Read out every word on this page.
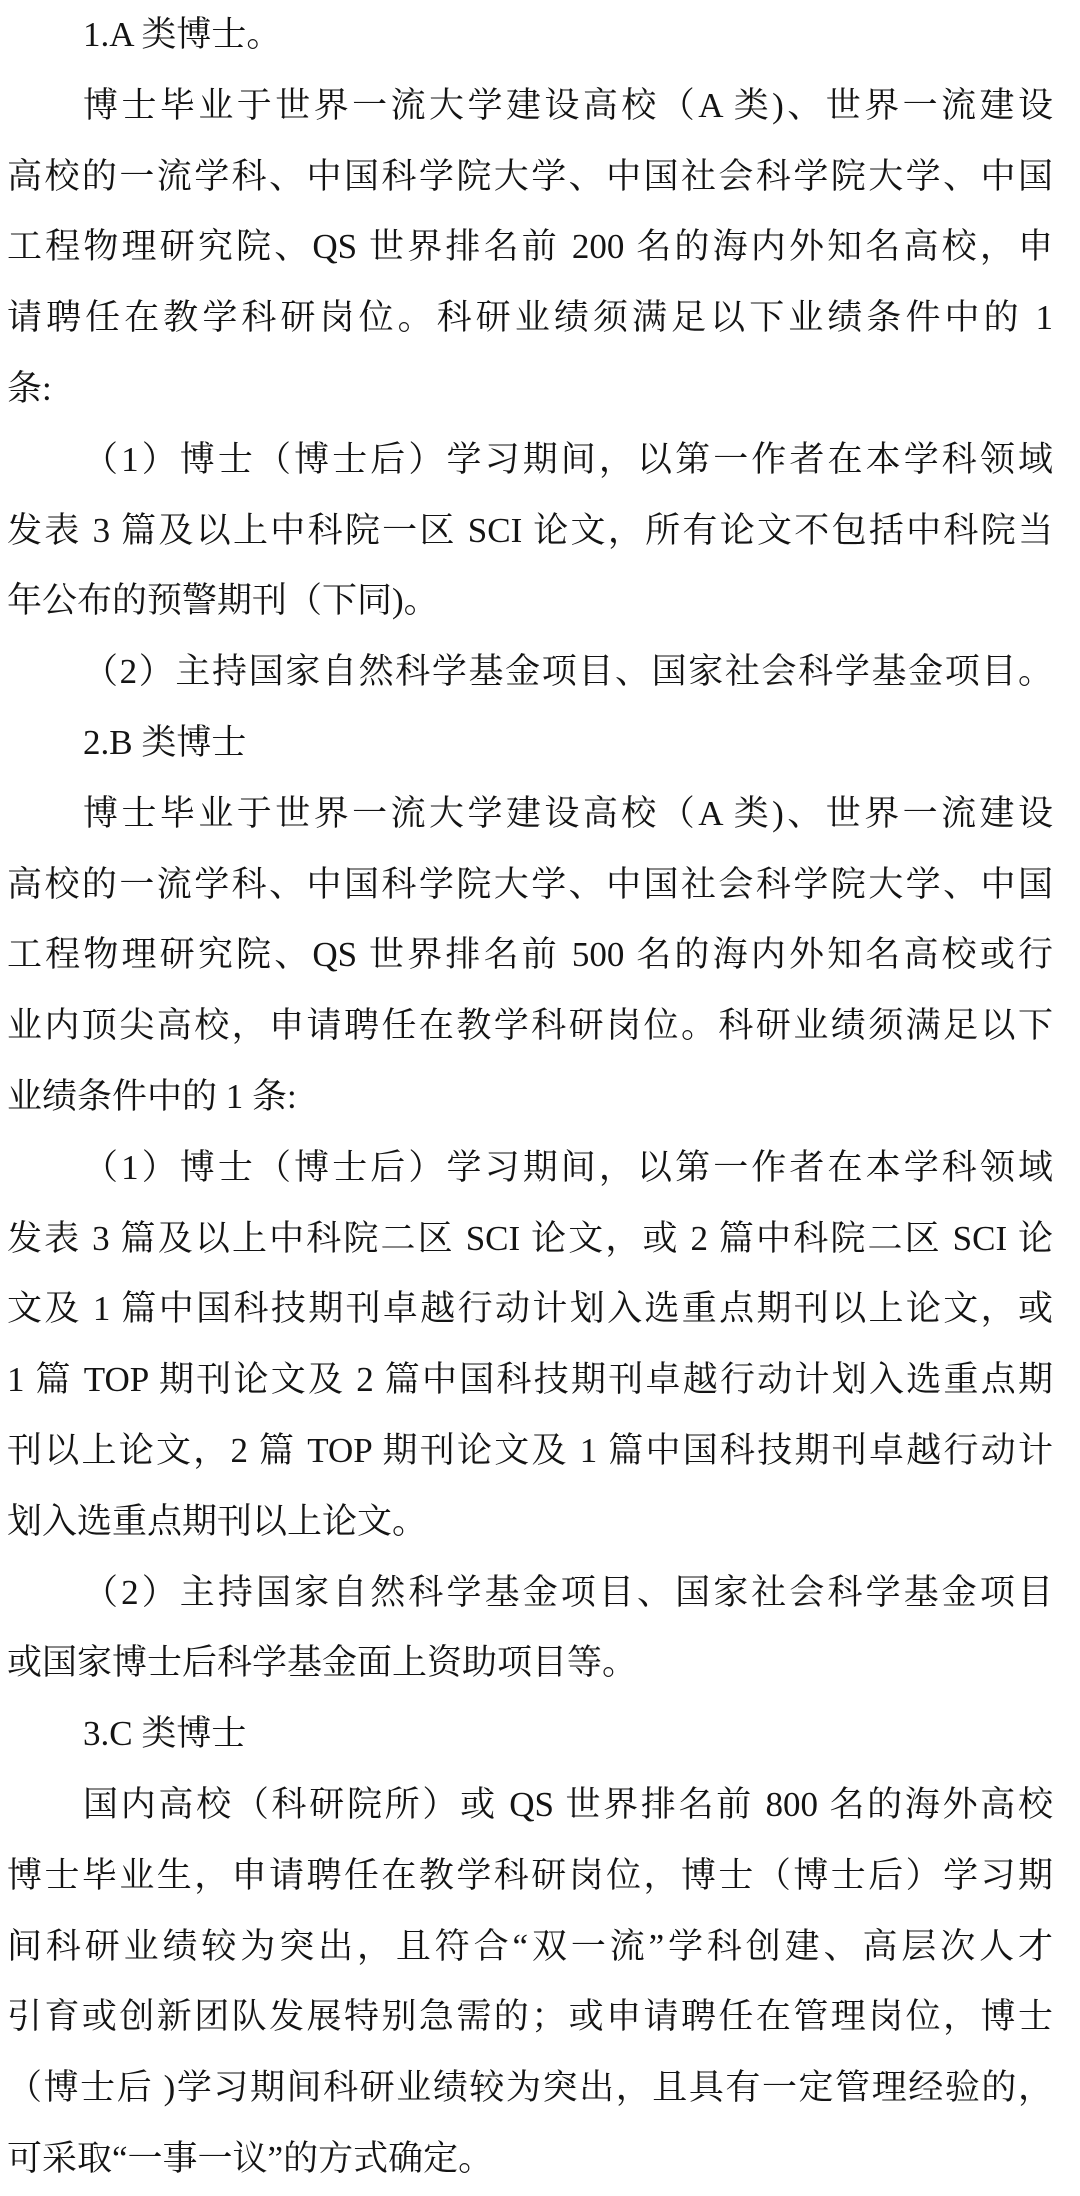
1.A 类博士。
博士毕业于世界一流大学建设高校（A 类)、世界一流建设
高校的一流学科、中国科学院大学、中国社会科学院大学、中国
工程物理研究院、QS 世界排名前 200 名的海内外知名高校，申
请聘任在教学科研岗位。科研业绩须满足以下业绩条件中的 1
条:
（1）博士（博士后）学习期间，以第一作者在本学科领域
发表 3 篇及以上中科院一区 SCI 论文，所有论文不包括中科院当
年公布的预警期刊（下同)。
（2）主持国家自然科学基金项目、国家社会科学基金项目。
2.B 类博士
博士毕业于世界一流大学建设高校（A 类)、世界一流建设
高校的一流学科、中国科学院大学、中国社会科学院大学、中国
工程物理研究院、QS 世界排名前 500 名的海内外知名高校或行
业内顶尖高校，申请聘任在教学科研岗位。科研业绩须满足以下
业绩条件中的 1 条:
（1）博士（博士后）学习期间，以第一作者在本学科领域
发表 3 篇及以上中科院二区 SCI 论文，或 2 篇中科院二区 SCI 论
文及 1 篇中国科技期刊卓越行动计划入选重点期刊以上论文，或
1 篇 TOP 期刊论文及 2 篇中国科技期刊卓越行动计划入选重点期
刊以上论文，2 篇 TOP 期刊论文及 1 篇中国科技期刊卓越行动计
划入选重点期刊以上论文。
（2）主持国家自然科学基金项目、国家社会科学基金项目
或国家博士后科学基金面上资助项目等。
3.C 类博士
国内高校（科研院所）或 QS 世界排名前 800 名的海外高校
博士毕业生，申请聘任在教学科研岗位，博士（博士后）学习期
间科研业绩较为突出，且符合“双一流”学科创建、高层次人才
引育或创新团队发展特别急需的；或申请聘任在管理岗位，博士
（博士后 )学习期间科研业绩较为突出，且具有一定管理经验的，
可采取“一事一议”的方式确定。
